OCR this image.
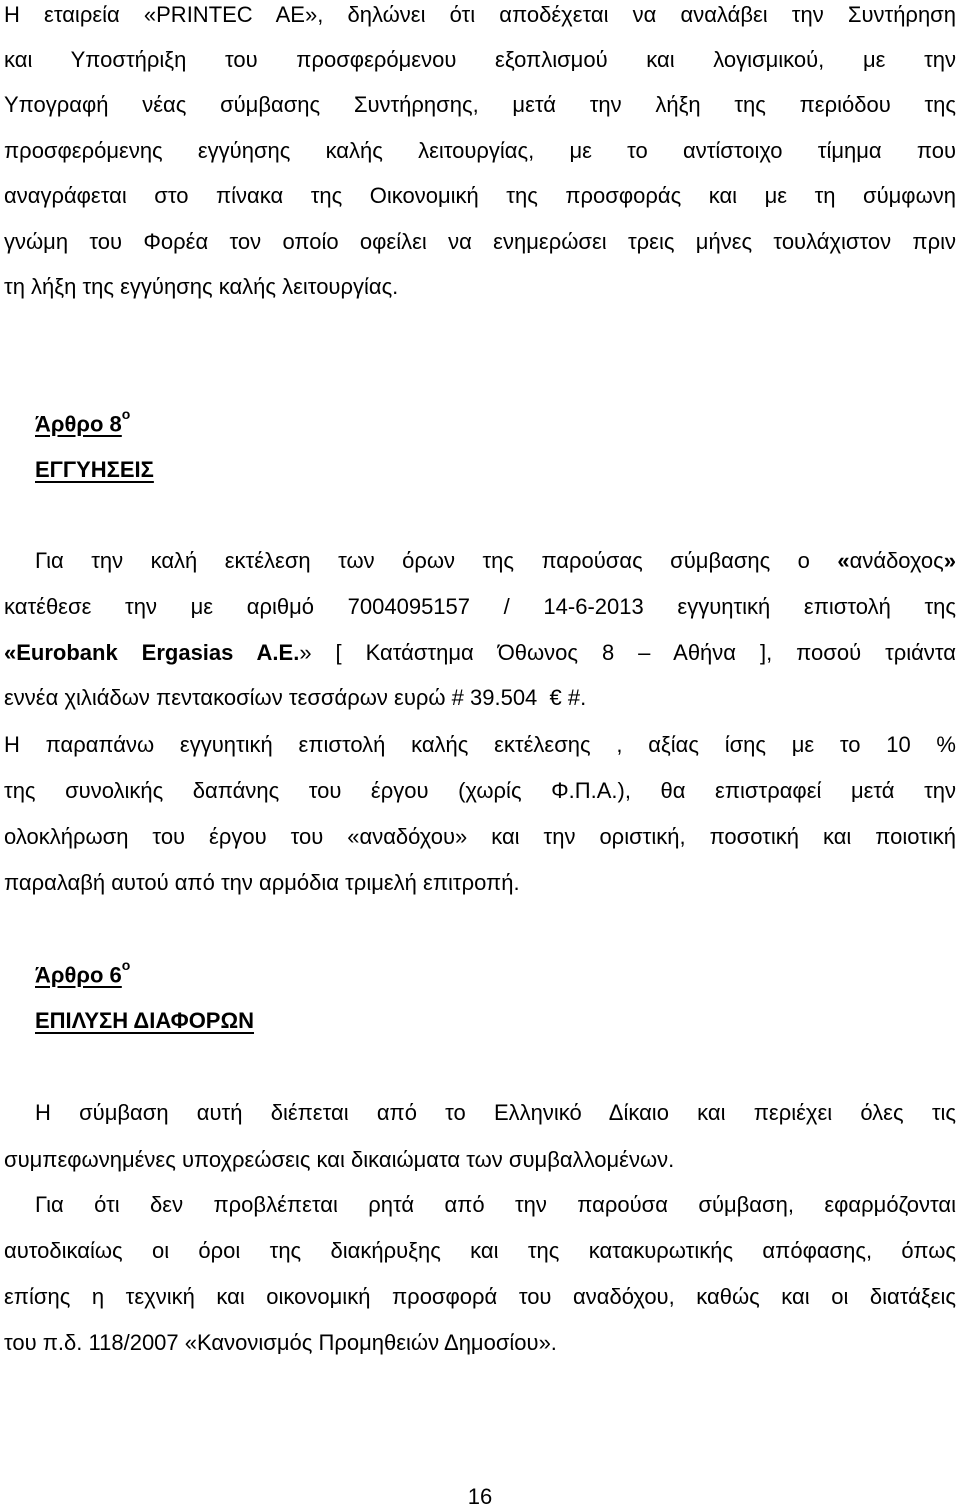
Η εταιρεία «PRINTEC AE», δηλώνει ότι αποδέχεται να αναλάβει την Συντήρηση
και Υποστήριξη του προσφερόμενου εξοπλισμού και λογισμικού, με την
Υπογραφή νέας σύμβασης Συντήρησης, μετά την λήξη της περιόδου της
προσφερόμενης εγγύησης καλής λειτουργίας, με το αντίστοιχο τίμημα που
αναγράφεται στο πίνακα της Οικονομική της προσφοράς και με τη σύμφωνη
γνώμη του Φορέα τον οποίο οφείλει να ενημερώσει τρεις μήνες τουλάχιστον πριν
τη λήξη της εγγύησης καλής λειτουργίας.
Άρθρο $8^o$
ΕΓΓΥΗΣΕΙΣ
Για την καλή εκτέλεση των όρων της παρούσας σύμβασης ο «ανάδοχος»
κατέθεσε την με αριθμό 7004095157 / 14-6-2013 εγγυητική επιστολή της
«Eurobank Ergasias A.E.» [ Κατάστημα Όθωνος 8 – Αθήνα ], ποσού τριάντα
εννέα χιλιάδων πεντακοσίων τεσσάρων ευρώ # 39.504 € #.
Η παραπάνω εγγυητική επιστολή καλής εκτέλεσης , αξίας ίσης με το 10 %
της συνολικής δαπάνης του έργου (χωρίς Φ.Π.Α.), θα επιστραφεί μετά την
ολοκλήρωση του έργου του «αναδόχου» και την οριστική, ποσοτική και ποιοτική
παραλαβή αυτού από την αρμόδια τριμελή επιτροπή.
Άρθρο $6^o$
ΕΠΙΛΥΣΗ ΔΙΑΦΟΡΩΝ
Η σύμβαση αυτή διέπεται από το Ελληνικό Δίκαιο και περιέχει όλες τις
συμπεφωνημένες υποχρεώσεις και δικαιώματα των συμβαλλομένων.
Για ότι δεν προβλέπεται ρητά από την παρούσα σύμβαση, εφαρμόζονται
αυτοδικαίως οι όροι της διακήρυξης και της κατακυρωτικής απόφασης, όπως
επίσης η τεχνική και οικονομική προσφορά του αναδόχου, καθώς και οι διατάξεις
του π.δ. 118/2007 «Κανονισμός Προμηθειών Δημοσίου».
16
